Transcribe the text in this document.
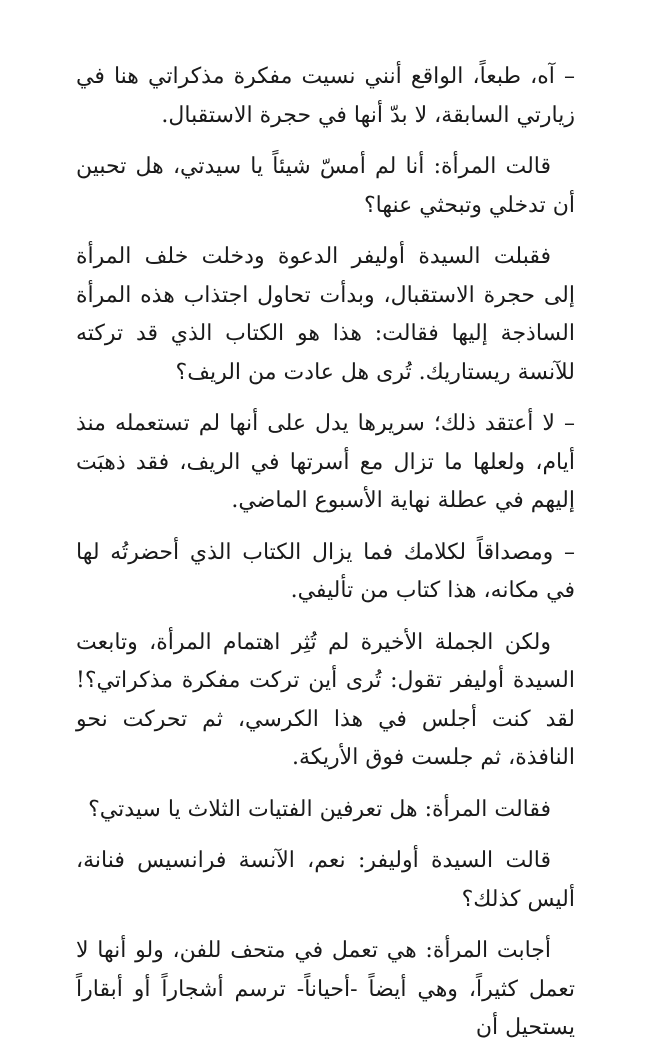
– آه، طبعاً، الواقع أنني نسيت مفكرة مذكراتي هنا في زيارتي السابقة، لا بدّ أنها في حجرة الاستقبال.

قالت المرأة: أنا لم أمسّ شيئاً يا سيدتي، هل تحبين أن تدخلي وتبحثي عنها؟

فقبلت السيدة أوليفر الدعوة ودخلت خلف المرأة إلى حجرة الاستقبال، وبدأت تحاول اجتذاب هذه المرأة الساذجة إليها فقالت: هذا هو الكتاب الذي قد تركته للآنسة ريستاريك. تُرى هل عادت من الريف؟

– لا أعتقد ذلك؛ سريرها يدل على أنها لم تستعمله منذ أيام، ولعلها ما تزال مع أسرتها في الريف، فقد ذهبَت إليهم في عطلة نهاية الأسبوع الماضي.

– ومصداقاً لكلامك فما يزال الكتاب الذي أحضرتُه لها في مكانه، هذا كتاب من تأليفي.

ولكن الجملة الأخيرة لم تُثِر اهتمام المرأة، وتابعت السيدة أوليفر تقول: تُرى أين تركت مفكرة مذكراتي؟! لقد كنت أجلس في هذا الكرسي، ثم تحركت نحو النافذة، ثم جلست فوق الأريكة.

فقالت المرأة: هل تعرفين الفتيات الثلاث يا سيدتي؟

قالت السيدة أوليفر: نعم، الآنسة فرانسيس فنانة، أليس كذلك؟

أجابت المرأة: هي تعمل في متحف للفن، ولو أنها لا تعمل كثيراً، وهي أيضاً -أحياناً- ترسم أشجاراً أو أبقاراً يستحيل أن
